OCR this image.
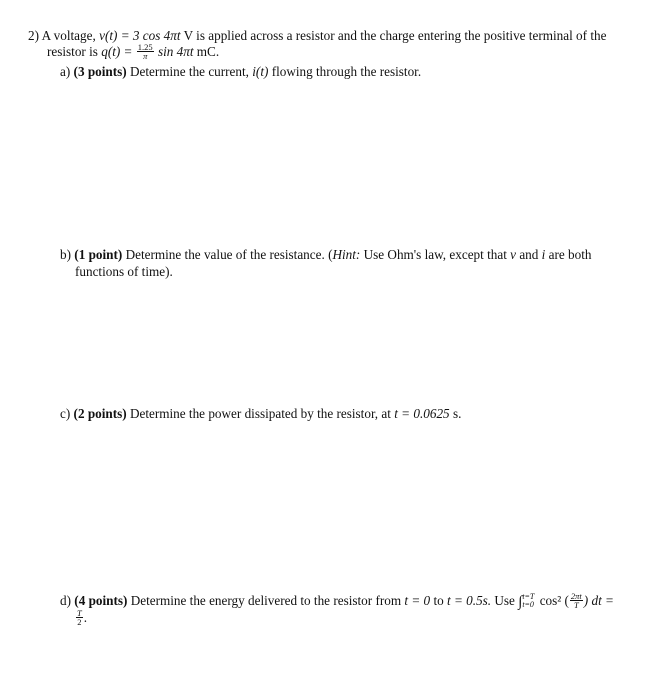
2) A voltage, v(t) = 3 cos 4πt V is applied across a resistor and the charge entering the positive terminal of the
resistor is $q(t) = \frac{1.25}{\pi}$ sin 4πt mC.
a) (3 points) Determine the current, i(t) flowing through the resistor.
b) (1 point) Determine the value of the resistance. (Hint: Use Ohm's law, except that v and i are both
functions of time).
c) (2 points) Determine the power dissipated by the resistor, at t = 0.0625 s.
d) (4 points) Determine the energy delivered to the resistor from t = 0 to t = 0.5s. Use ∫ t=T
t=0 cos² ( $\frac{2\pi t}{T}$ ) dt =
$\frac{T}{2}$ .
